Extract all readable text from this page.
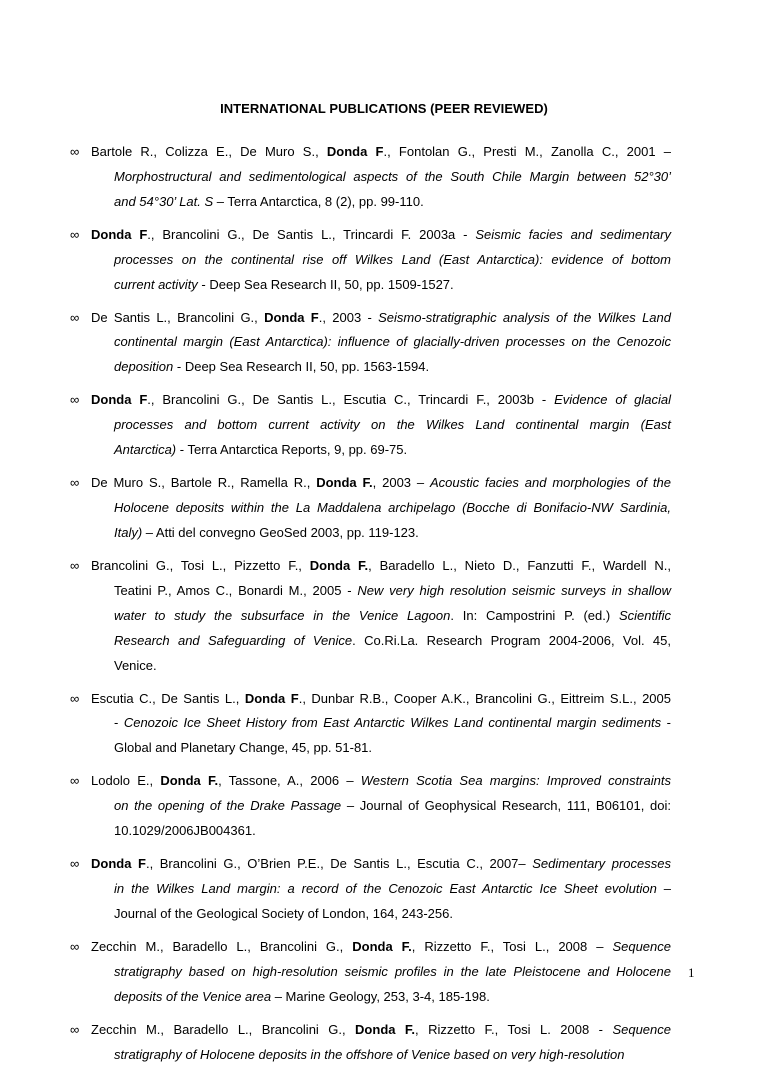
INTERNATIONAL PUBLICATIONS (PEER REVIEWED)
∞ Bartole R., Colizza E., De Muro S., Donda F., Fontolan G., Presti M., Zanolla C., 2001 –
Morphostructural and sedimentological aspects of the South Chile Margin between 52°30’
and 54°30’ Lat. S – Terra Antarctica, 8 (2), pp. 99-110.
∞ Donda F., Brancolini G., De Santis L., Trincardi F. 2003a - Seismic facies and sedimentary
processes on the continental rise off Wilkes Land (East Antarctica): evidence of bottom
current activity - Deep Sea Research II, 50, pp. 1509-1527.
∞ De Santis L., Brancolini G., Donda F., 2003 - Seismo-stratigraphic analysis of the Wilkes Land
continental margin (East Antarctica): influence of glacially-driven processes on the Cenozoic
deposition - Deep Sea Research II, 50, pp. 1563-1594.
∞ Donda F., Brancolini G., De Santis L., Escutia C., Trincardi F., 2003b - Evidence of glacial
processes and bottom current activity on the Wilkes Land continental margin (East
Antarctica) - Terra Antarctica Reports, 9, pp. 69-75.
∞ De Muro S., Bartole R., Ramella R., Donda F., 2003 – Acoustic facies and morphologies of the
Holocene deposits within the La Maddalena archipelago (Bocche di Bonifacio-NW Sardinia,
Italy) – Atti del convegno GeoSed 2003, pp. 119-123.
∞ Brancolini G., Tosi L., Pizzetto F., Donda F., Baradello L., Nieto D., Fanzutti F., Wardell N.,
Teatini P., Amos C., Bonardi M., 2005 - New very high resolution seismic surveys in shallow
water to study the subsurface in the Venice Lagoon. In: Campostrini P. (ed.) Scientific
Research and Safeguarding of Venice. Co.Ri.La. Research Program 2004-2006, Vol. 45,
Venice.
∞ Escutia C., De Santis L., Donda F., Dunbar R.B., Cooper A.K., Brancolini G., Eittreim S.L., 2005
- Cenozoic Ice Sheet History from East Antarctic Wilkes Land continental margin sediments -
Global and Planetary Change, 45, pp. 51-81.
∞ Lodolo E., Donda F., Tassone, A., 2006 – Western Scotia Sea margins: Improved constraints
on the opening of the Drake Passage – Journal of Geophysical Research, 111, B06101, doi:
10.1029/2006JB004361.
∞ Donda F., Brancolini G., O’Brien P.E., De Santis L., Escutia C., 2007– Sedimentary processes
in the Wilkes Land margin: a record of the Cenozoic East Antarctic Ice Sheet evolution –
Journal of the Geological Society of London, 164, 243-256.
∞ Zecchin M., Baradello L., Brancolini G., Donda F., Rizzetto F., Tosi L., 2008 – Sequence
stratigraphy based on high-resolution seismic profiles in the late Pleistocene and Holocene
deposits of the Venice area – Marine Geology, 253, 3-4, 185-198.
∞ Zecchin M., Baradello L., Brancolini G., Donda F., Rizzetto F., Tosi L. 2008 - Sequence
stratigraphy of Holocene deposits in the offshore of Venice based on very high-resolution
1
